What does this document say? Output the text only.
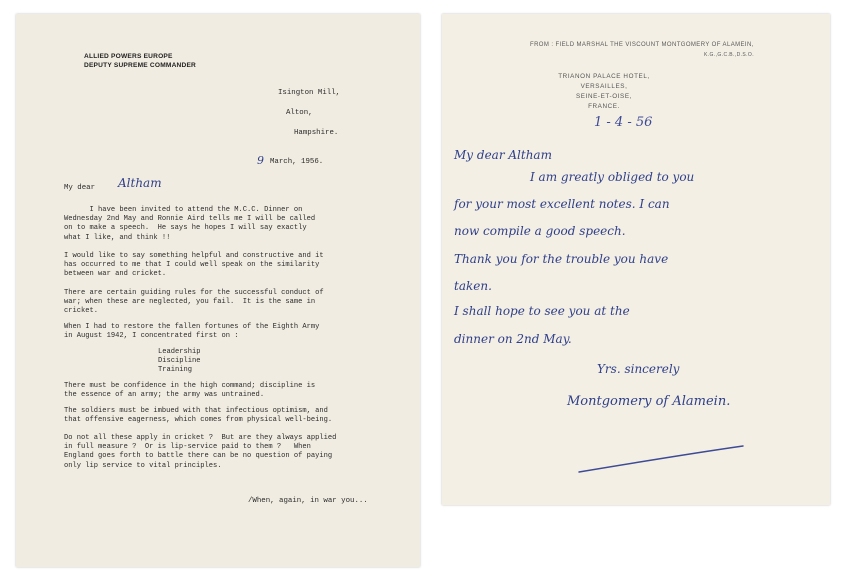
ALLIED POWERS EUROPE
DEPUTY SUPREME COMMANDER
Isington Mill,
Alton,
Hampshire.
9 March, 1956.
My dear Altham
I have been invited to attend the M.C.C. Dinner on
Wednesday 2nd May and Ronnie Aird tells me I will be called
on to make a speech.  He says he hopes I will say exactly
what I like, and think !!
I would like to say something helpful and constructive and it
has occurred to me that I could well speak on the similarity
between war and cricket.
There are certain guiding rules for the successful conduct of
war; when these are neglected, you fail.  It is the same in
cricket.
When I had to restore the fallen fortunes of the Eighth Army
in August 1942, I concentrated first on :
Leadership
Discipline
Training
There must be confidence in the high command; discipline is
the essence of an army; the army was untrained.
The soldiers must be imbued with that infectious optimism, and
that offensive eagerness, which comes from physical well-being.
Do not all these apply in cricket ?  But are they always applied
in full measure ?  Or is lip-service paid to them ?   When
England goes forth to battle there can be no question of paying
only lip service to vital principles.
/When, again, in war you...
FROM : FIELD MARSHAL THE VISCOUNT MONTGOMERY OF ALAMEIN,
K.G.,G.C.B.,D.S.O.
TRIANON PALACE HOTEL,
VERSAILLES,
SEINE-ET-OISE,
FRANCE.
1 - 4 - 56
My dear Altham
I am greatly obliged to you
for your most excellent notes. I can
now compile a good speech.
Thank you for the trouble you have
taken.
I shall hope to see you at the
dinner on 2nd May.
Yrs. sincerely
Montgomery of Alamein.
